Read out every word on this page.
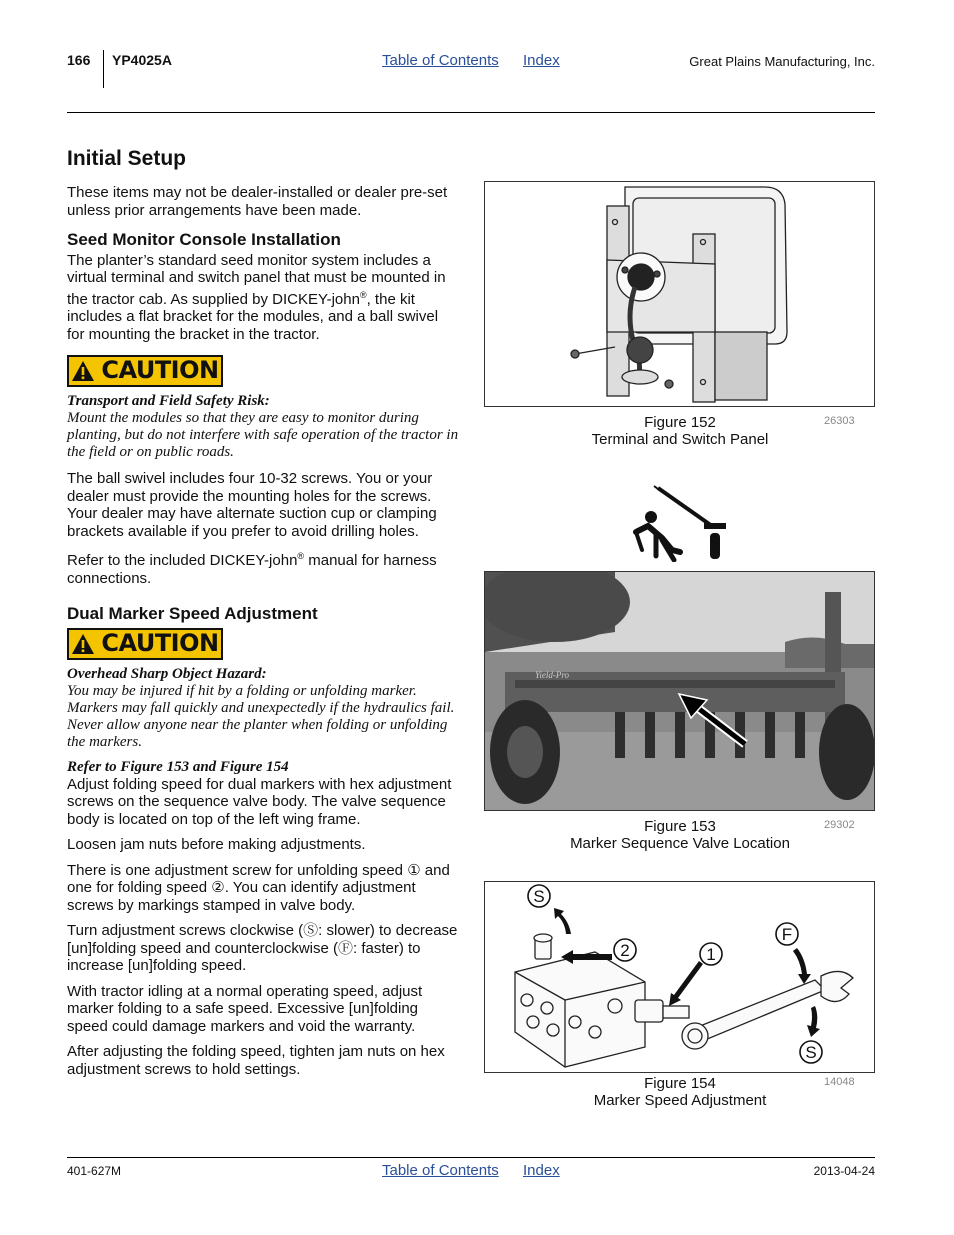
166 YP4025A	Table of Contents Index	Great Plains Manufacturing, Inc.
Initial Setup

These items may not be dealer-installed or dealer pre-set unless prior arrangements have been made.

Seed Monitor Console Installation

The planter’s standard seed monitor system includes a virtual terminal and switch panel that must be mounted in the tractor cab. As supplied by DICKEY-john®, the kit includes a flat bracket for the modules, and a ball swivel for mounting the bracket in the tractor.

CAUTION
Transport and Field Safety Risk:
Mount the modules so that they are easy to monitor during planting, but do not interfere with safe operation of the tractor in the field or on public roads.

The ball swivel includes four 10-32 screws. You or your dealer must provide the mounting holes for the screws. Your dealer may have alternate suction cup or clamping brackets available if you prefer to avoid drilling holes.

Refer to the included DICKEY-john® manual for harness connections.

Dual Marker Speed Adjustment
CAUTION
Overhead Sharp Object Hazard:
You may be injured if hit by a folding or unfolding marker. Markers may fall quickly and unexpectedly if the hydraulics fail. Never allow anyone near the planter when folding or unfolding the markers.
Refer to Figure 153 and Figure 154

Adjust folding speed for dual markers with hex adjustment screws on the sequence valve body. The valve sequence body is located on top of the left wing frame.

Loosen jam nuts before making adjustments.

There is one adjustment screw for unfolding speed ① and one for folding speed ②. You can identify adjustment screws by markings stamped in valve body.

Turn adjustment screws clockwise (Ⓢ: slower) to decrease [un]folding speed and counterclockwise (Ⓕ: faster) to increase [un]folding speed.

With tractor idling at a normal operating speed, adjust marker folding to a safe speed. Excessive [un]folding speed could damage markers and void the warranty.

After adjusting the folding speed, tighten jam nuts on hex adjustment screws to hold settings.

Figure 152
Terminal and Switch Panel
26303
Yield-Pro
Figure 153
Marker Sequence Valve Location
29302
S
2	1
F
S
Figure 154
Marker Speed Adjustment
14048
401-627M	Table of Contents Index	2013-04-24
